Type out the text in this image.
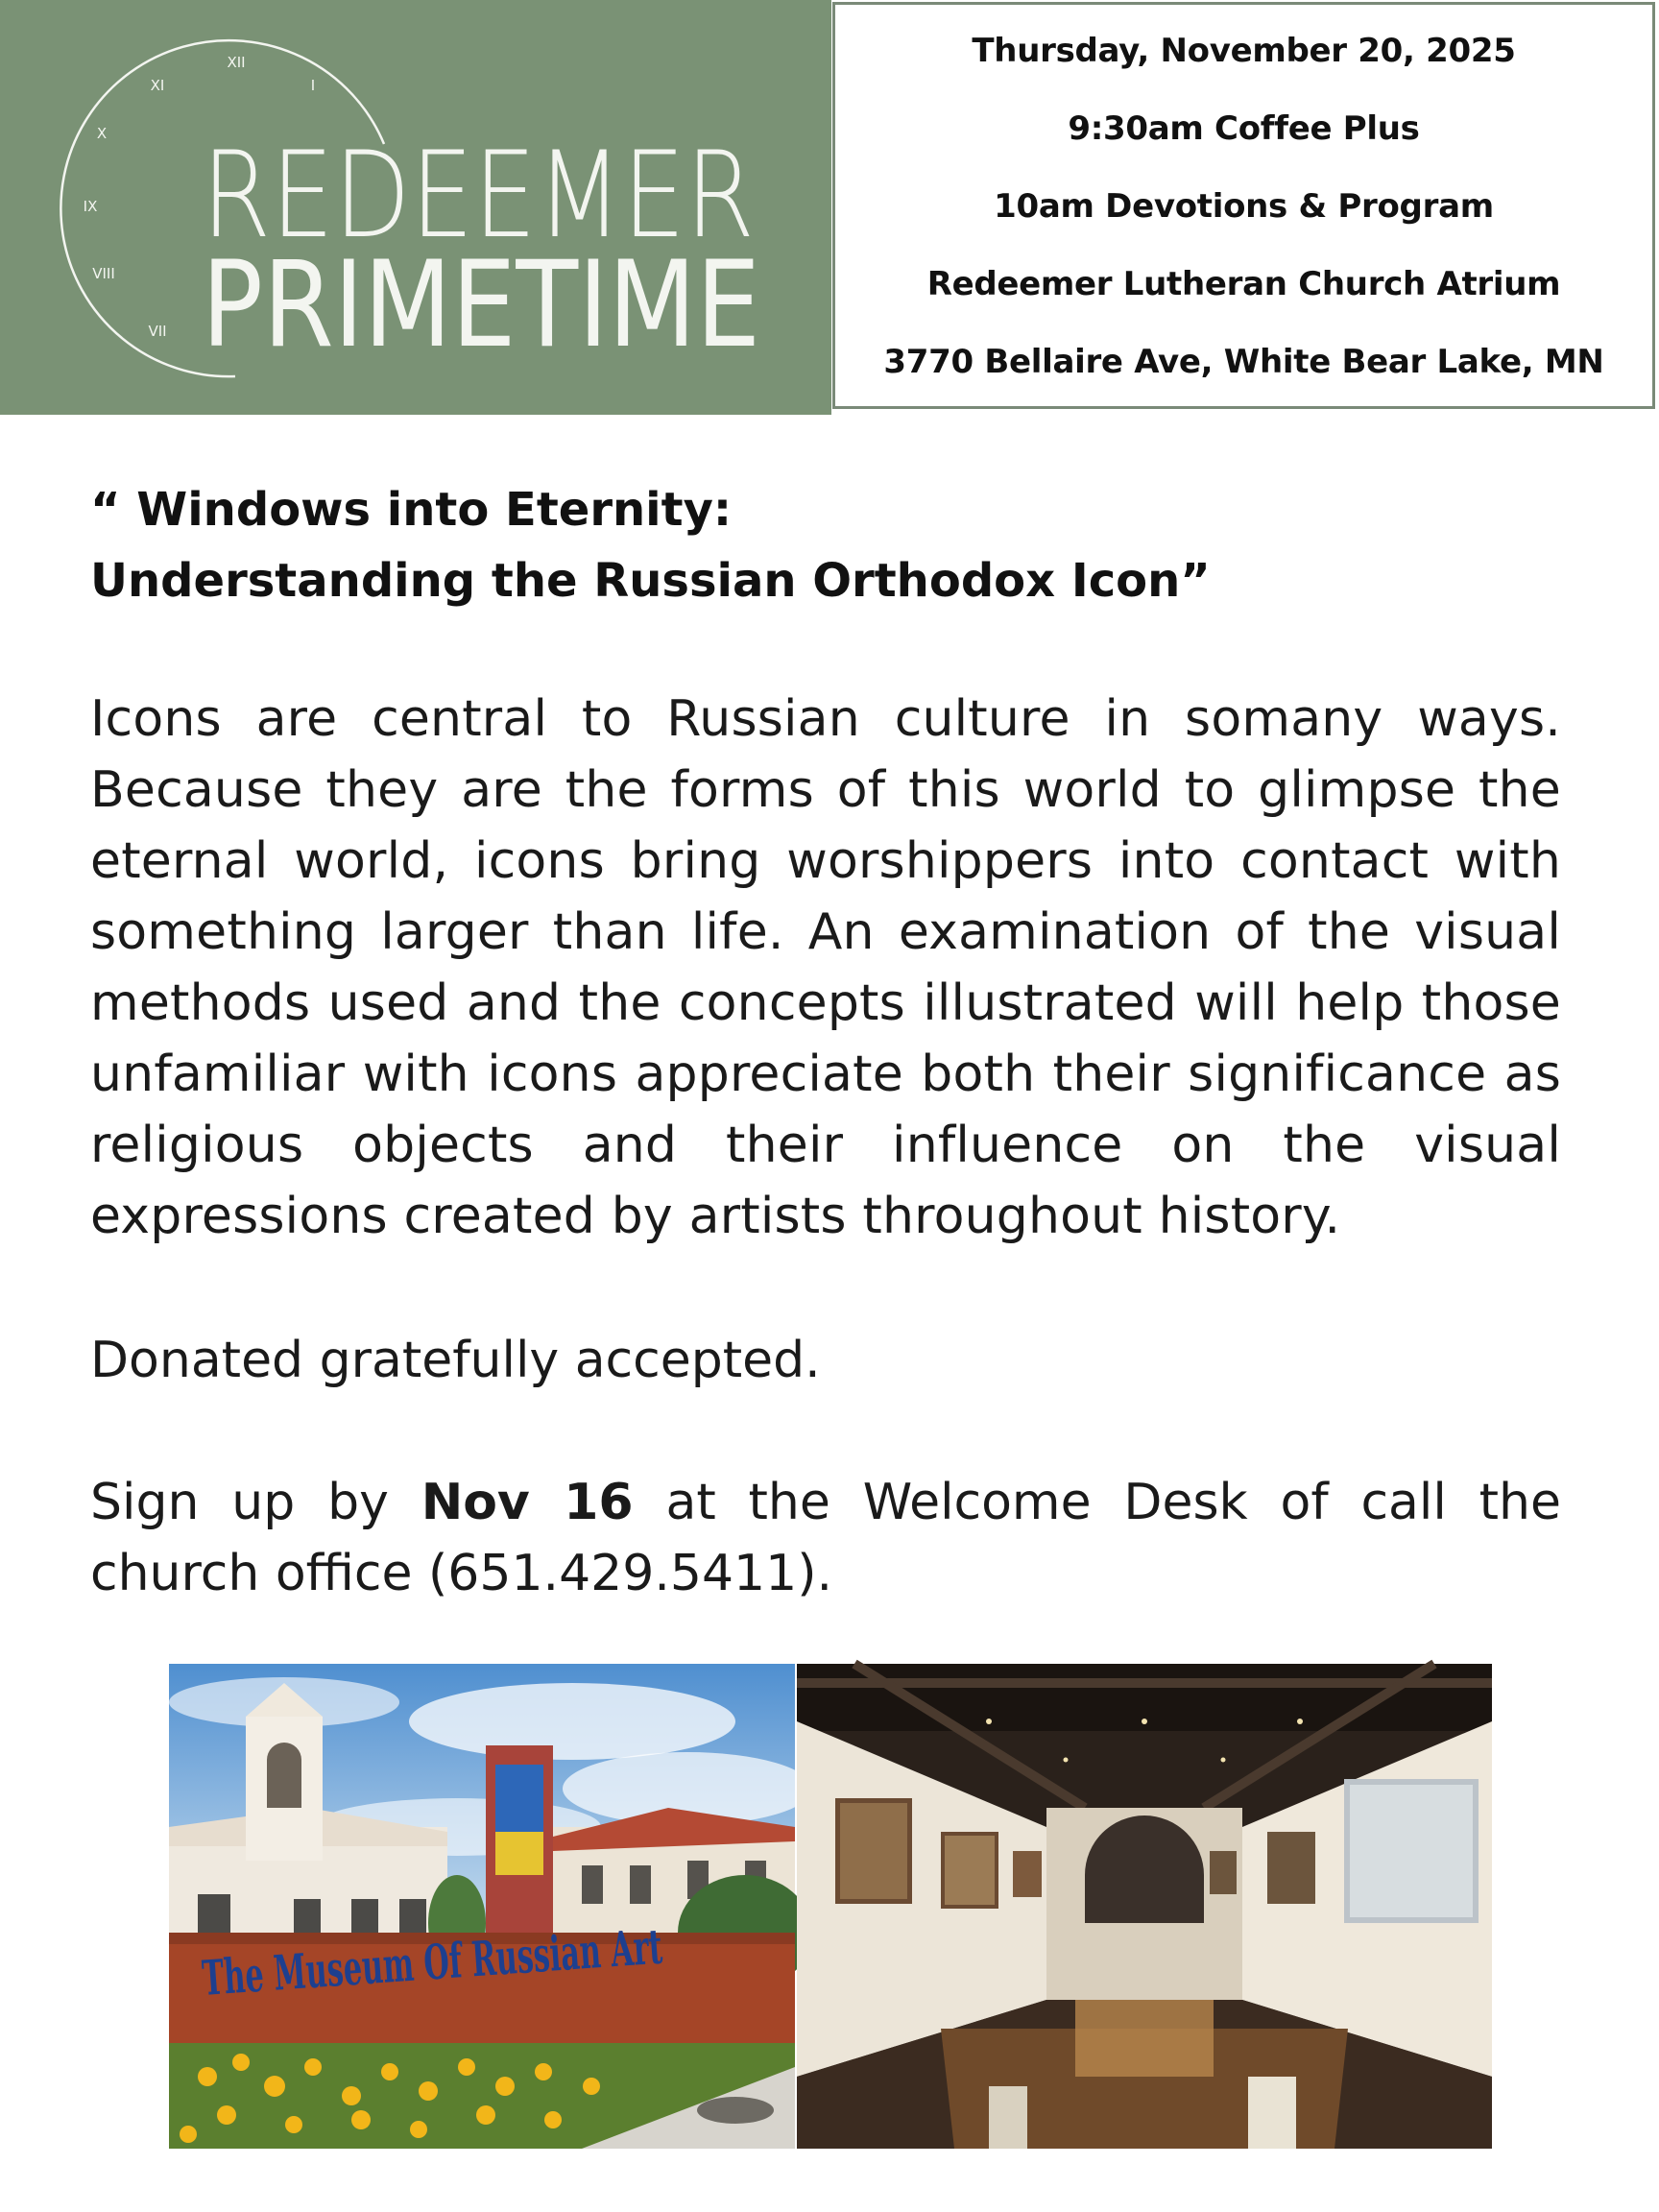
XII
I
XI
X
IX
VIII
VII
REDEEMER
PRIMETIME
Thursday, November 20, 2025
9:30am Coffee Plus
10am Devotions & Program
Redeemer Lutheran Church Atrium
3770 Bellaire Ave, White Bear Lake, MN
“ Windows into Eternity:
Understanding the Russian Orthodox Icon”

Icons are central to Russian culture in somany ways. Because they are the forms of this world to glimpse the eternal world, icons bring worshippers into contact with something larger than life. An examination of the visual methods used and the concepts illustrated will help those unfamiliar with icons appreciate both their significance as religious objects and their influence on the visual expressions created by artists throughout history.

Donated gratefully accepted.
Sign up by Nov 16 at the Welcome Desk of call the church office (651.429.5411).
The Museum Of Russian Art
